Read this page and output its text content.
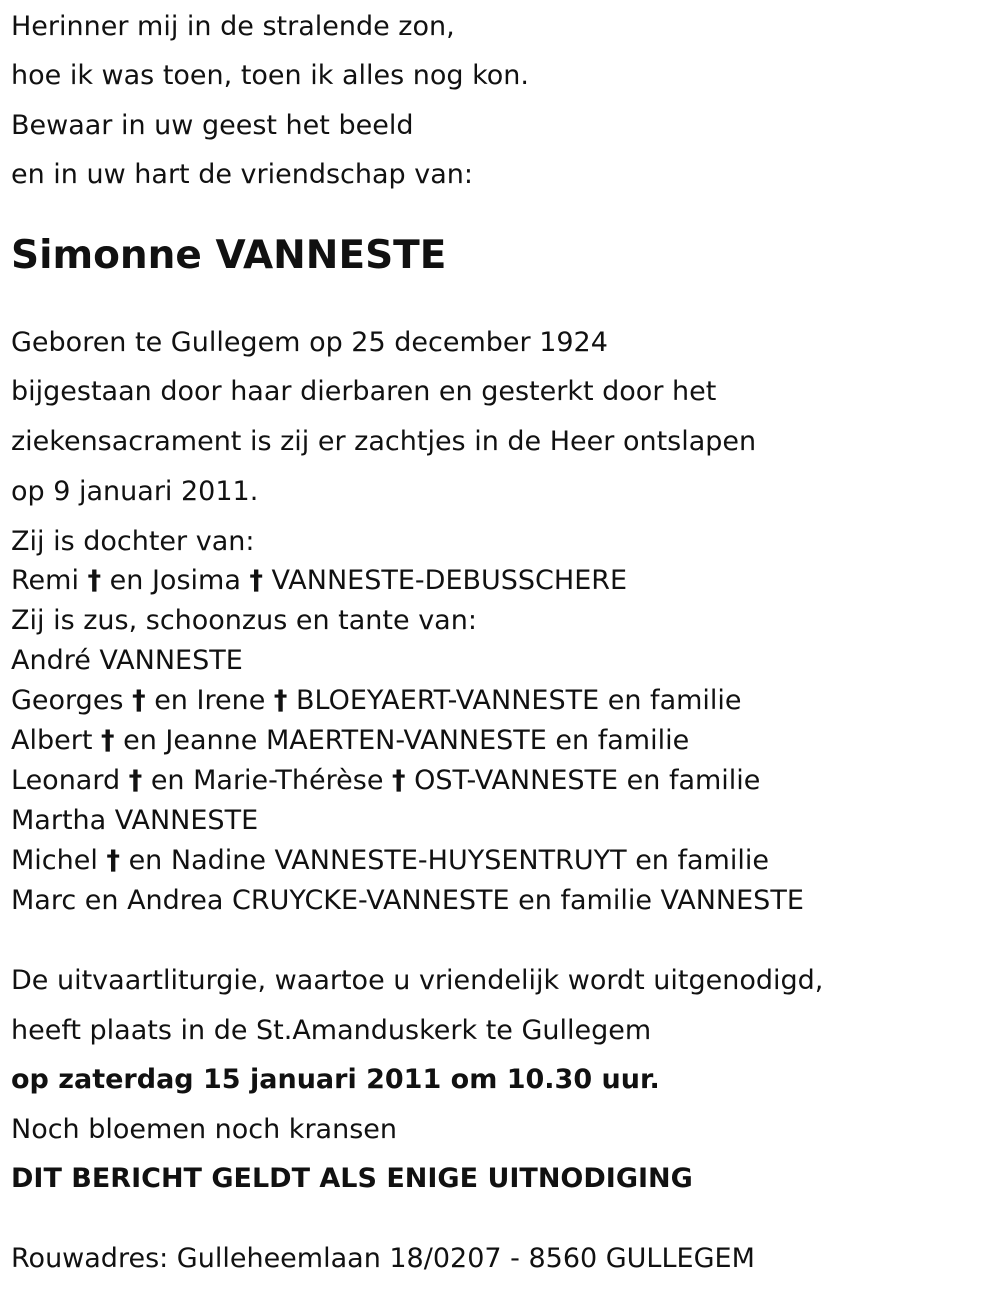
Herinner mij in de stralende zon,
hoe ik was toen, toen ik alles nog kon.
Bewaar in uw geest het beeld
en in uw hart de vriendschap van:
Simonne VANNESTE
Geboren te Gullegem op 25 december 1924
bijgestaan door haar dierbaren en gesterkt door het
ziekensacrament is zij er zachtjes in de Heer ontslapen
op 9 januari 2011.
Zij is dochter van:
Remi † en Josima † VANNESTE-DEBUSSCHERE
Zij is zus, schoonzus en tante van:
André VANNESTE
Georges † en Irene † BLOEYAERT-VANNESTE en familie
Albert † en Jeanne MAERTEN-VANNESTE en familie
Leonard † en Marie-Thérèse † OST-VANNESTE en familie
Martha VANNESTE
Michel † en Nadine VANNESTE-HUYSENTRUYT en familie
Marc en Andrea CRUYCKE-VANNESTE en familie VANNESTE
De uitvaartliturgie, waartoe u vriendelijk wordt uitgenodigd,
heeft plaats in de St.Amanduskerk te Gullegem
op zaterdag 15 januari 2011 om 10.30 uur.
Noch bloemen noch kransen
DIT BERICHT GELDT ALS ENIGE UITNODIGING
Rouwadres: Gulleheemlaan 18/0207 - 8560 GULLEGEM
